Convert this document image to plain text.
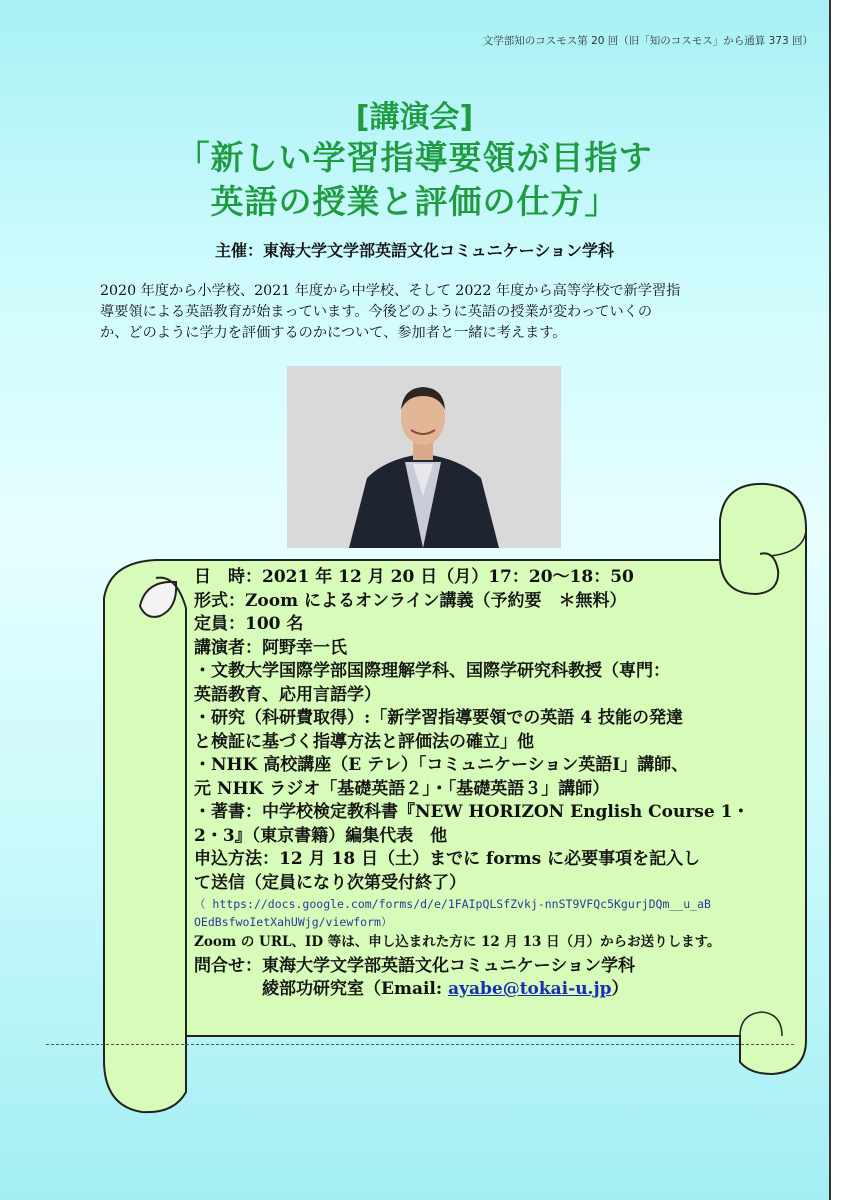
文学部知のコスモス第 20 回（旧「知のコスモス」から通算 373 回）
[講演会]
「新しい学習指導要領が目指す
英語の授業と評価の仕方」
主催：東海大学文学部英語文化コミュニケーション学科
2020 年度から小学校、2021 年度から中学校、そして 2022 年度から高等学校で新学習指
導要領による英語教育が始まっています。今後どのように英語の授業が変わっていくの
か、どのように学力を評価するのかについて、参加者と一緒に考えます。
日　時：2021 年 12 月 20 日（月）17：20～18：50
形式：Zoom によるオンライン講義（予約要　＊無料）
定員：100 名
講演者：阿野幸一氏
・文教大学国際学部国際理解学科、国際学研究科教授（専門：
英語教育、応用言語学）
・研究（科研費取得）:「新学習指導要領での英語 4 技能の発達
と検証に基づく指導方法と評価法の確立」他
・NHK 高校講座（E テレ）「コミュニケーション英語Ⅰ」講師、
元 NHK ラジオ「基礎英語２」・「基礎英語３」講師）
・著書：中学校検定教科書『NEW HORIZON English Course 1・
2・3』（東京書籍）編集代表　他
申込方法：12 月 18 日（土）までに forms に必要事項を記入し
て送信（定員になり次第受付終了）
（ https://docs.google.com/forms/d/e/1FAIpQLSfZvkj-nnST9VFQc5KgurjDQm__u_aB
OEdBsfwoIetXahUWjg/viewform）
Zoom の URL、ID 等は、申し込まれた方に 12 月 13 日（月）からお送りします。
問合せ：東海大学文学部英語文化コミュニケーション学科
　　　　綾部功研究室（Email: ayabe@tokai-u.jp）
